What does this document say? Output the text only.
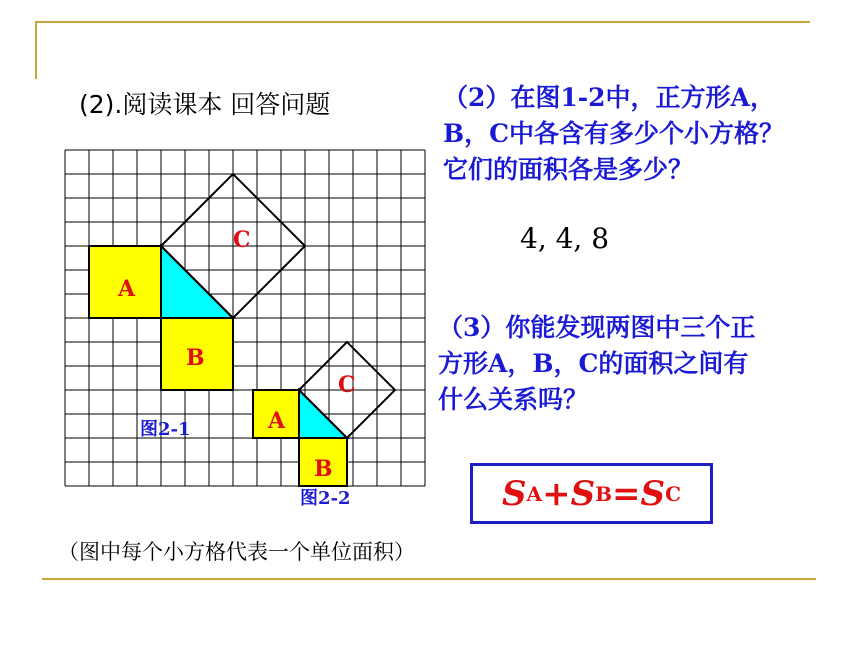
(2).阅读课本 回答问题
A
B
C
图2-1	A
B
C
图2-2
（2）在图1-2中，正方形A，
B，C中各含有多少个小方格？
它们的面积各是多少？
4, 4, 8
（3）你能发现两图中三个正
方形A，B，C的面积之间有
什么关系吗？
S A + S B = S C
（图中每个小方格代表一个单位面积）
